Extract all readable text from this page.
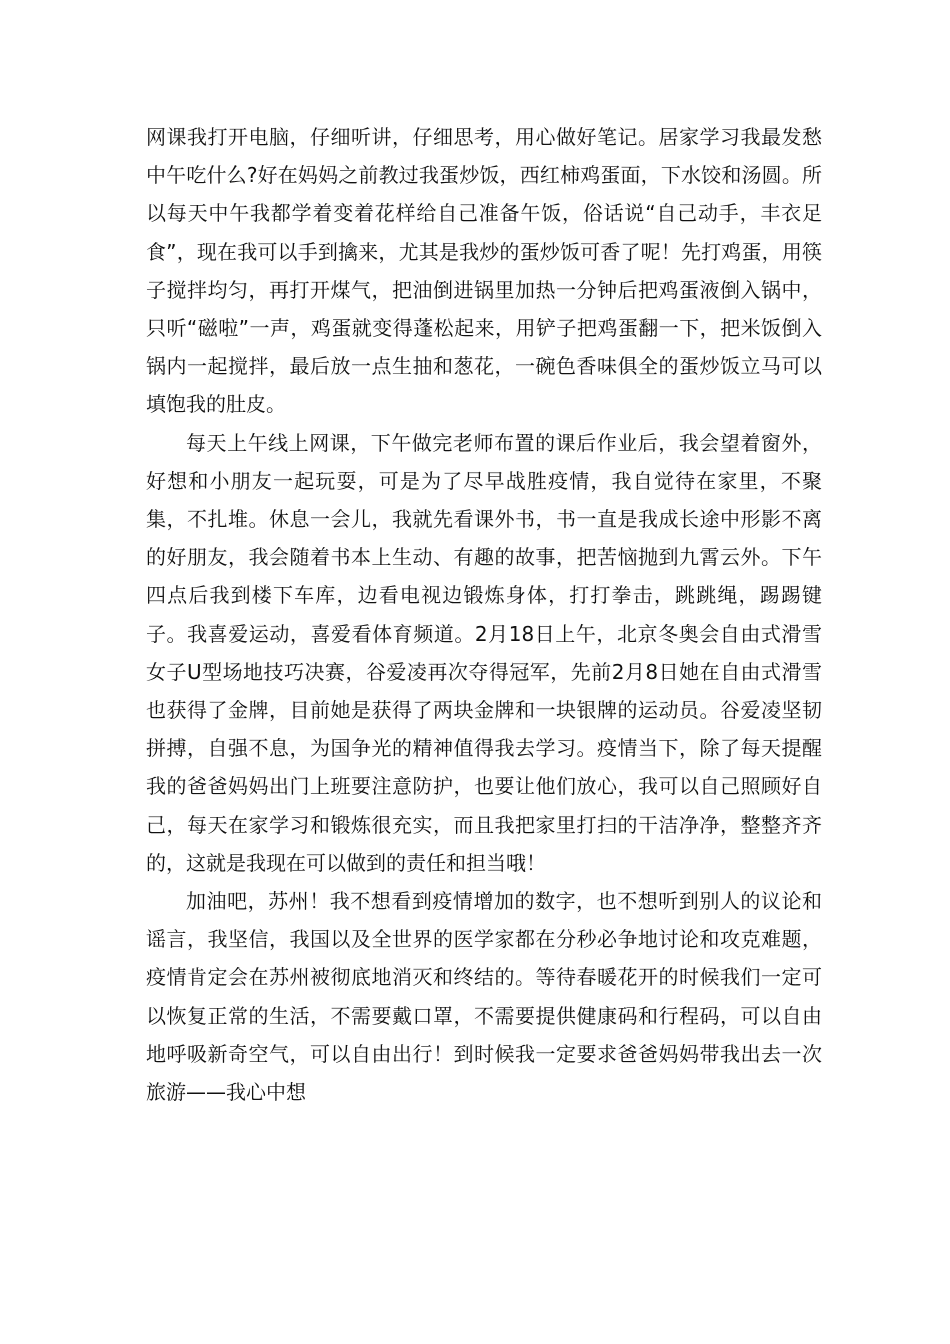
网课我打开电脑，仔细听讲，仔细思考，用心做好笔记。居家学习我最发愁中午吃什么?好在妈妈之前教过我蛋炒饭，西红柿鸡蛋面，下水饺和汤圆。所以每天中午我都学着变着花样给自己准备午饭，俗话说“自己动手，丰衣足食”，现在我可以手到擒来，尤其是我炒的蛋炒饭可香了呢！先打鸡蛋，用筷子搅拌均匀，再打开煤气，把油倒进锅里加热一分钟后把鸡蛋液倒入锅中，只听“磁啦”一声，鸡蛋就变得蓬松起来，用铲子把鸡蛋翻一下，把米饭倒入锅内一起搅拌，最后放一点生抽和葱花，一碗色香味俱全的蛋炒饭立马可以填饱我的肚皮。

每天上午线上网课，下午做完老师布置的课后作业后，我会望着窗外，好想和小朋友一起玩耍，可是为了尽早战胜疫情，我自觉待在家里，不聚集，不扎堆。休息一会儿，我就先看课外书，书一直是我成长途中形影不离的好朋友，我会随着书本上生动、有趣的故事，把苦恼抛到九霄云外。下午四点后我到楼下车库，边看电视边锻炼身体，打打拳击，跳跳绳，踢踢键子。我喜爱运动，喜爱看体育频道。2月18日上午，北京冬奥会自由式滑雪女子U型场地技巧决赛，谷爱凌再次夺得冠军，先前2月8日她在自由式滑雪也获得了金牌，目前她是获得了两块金牌和一块银牌的运动员。谷爱凌坚韧拼搏，自强不息，为国争光的精神值得我去学习。疫情当下，除了每天提醒我的爸爸妈妈出门上班要注意防护，也要让他们放心，我可以自己照顾好自己，每天在家学习和锻炼很充实，而且我把家里打扫的干洁净净，整整齐齐的，这就是我现在可以做到的责任和担当哦！

加油吧，苏州！我不想看到疫情增加的数字，也不想听到别人的议论和谣言，我坚信，我国以及全世界的医学家都在分秒必争地讨论和攻克难题，疫情肯定会在苏州被彻底地消灭和终结的。等待春暖花开的时候我们一定可以恢复正常的生活，不需要戴口罩，不需要提供健康码和行程码，可以自由地呼吸新奇空气，可以自由出行！到时候我一定要求爸爸妈妈带我出去一次旅游——我心中想
